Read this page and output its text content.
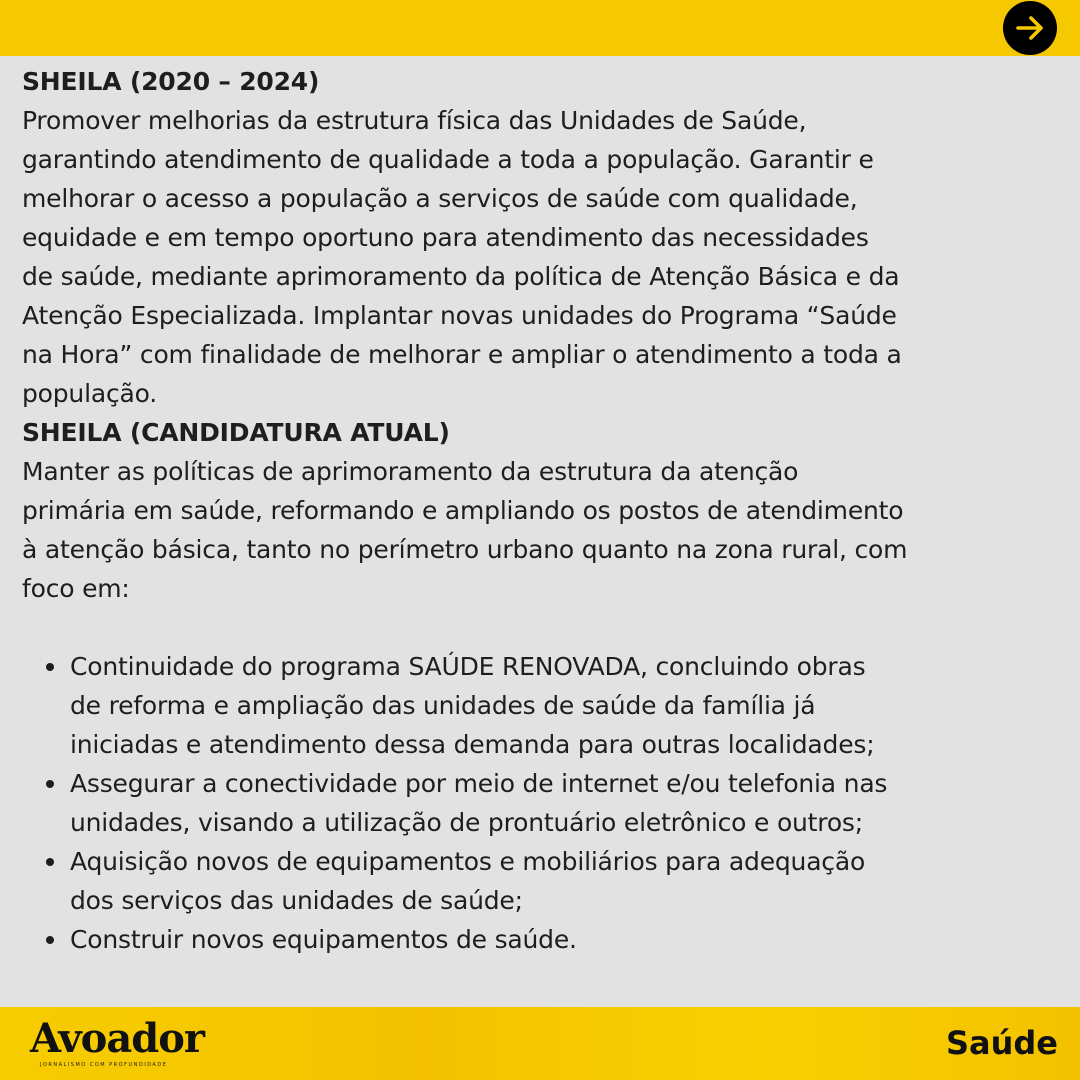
SHEILA (2020 – 2024)
Promover melhorias da estrutura física das Unidades de Saúde,
garantindo atendimento de qualidade a toda a população. Garantir e
melhorar o acesso a população a serviços de saúde com qualidade,
equidade e em tempo oportuno para atendimento das necessidades
de saúde, mediante aprimoramento da política de Atenção Básica e da
Atenção Especializada. Implantar novas unidades do Programa “Saúde
na Hora” com finalidade de melhorar e ampliar o atendimento a toda a
população.
SHEILA (CANDIDATURA ATUAL)
Manter as políticas de aprimoramento da estrutura da atenção
primária em saúde, reformando e ampliando os postos de atendimento
à atenção básica, tanto no perímetro urbano quanto na zona rural, com
foco em:
Continuidade do programa SAÚDE RENOVADA, concluindo obras
de reforma e ampliação das unidades de saúde da família já
iniciadas e atendimento dessa demanda para outras localidades;
Assegurar a conectividade por meio de internet e/ou telefonia nas
unidades, visando a utilização de prontuário eletrônico e outros;
Aquisição novos de equipamentos e mobiliários para adequação
dos serviços das unidades de saúde;
Construir novos equipamentos de saúde.
Avoador
JORNALISMO COM PROFUNDIDADE
Saúde
